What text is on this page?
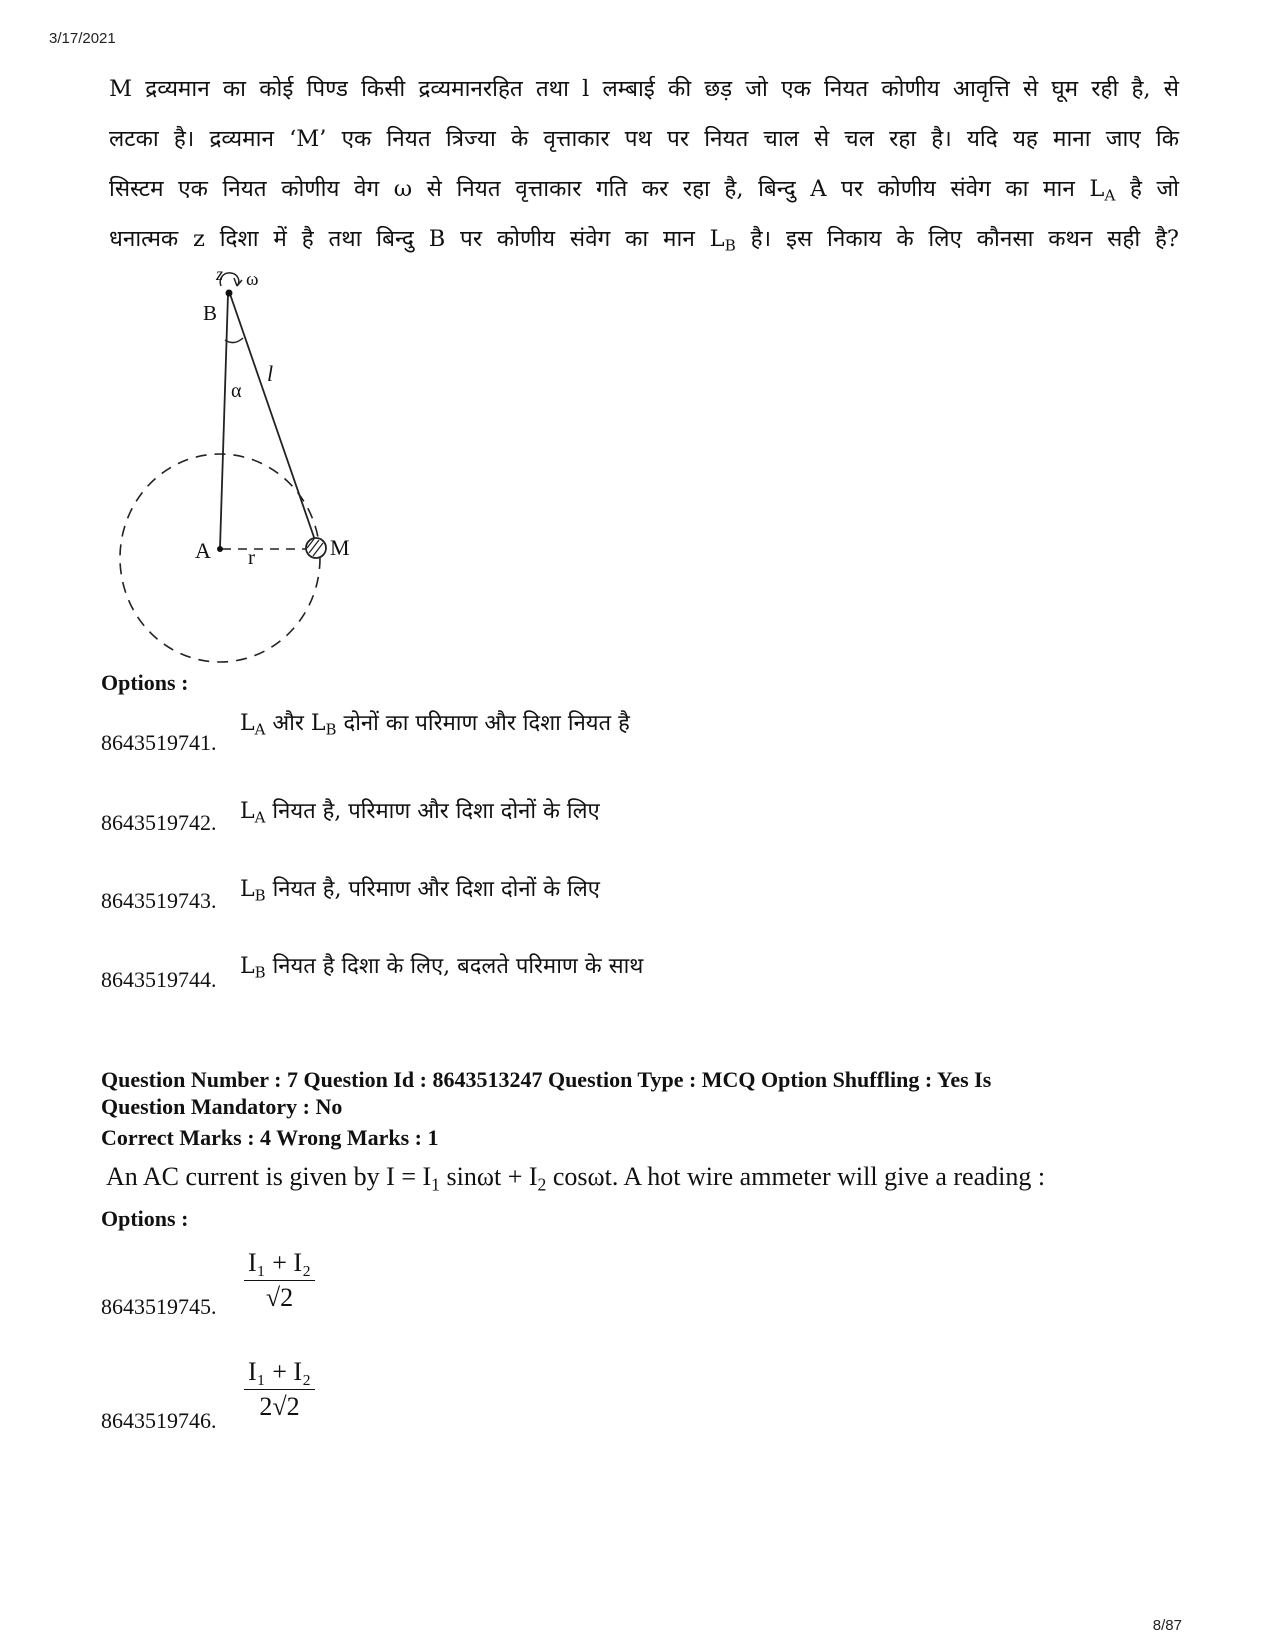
3/17/2021
M द्रव्यमान का कोई पिण्ड किसी द्रव्यमानरहित तथा l लम्बाई की छड़ जो एक नियत कोणीय आवृत्ति से घूम रही है, से
लटका है। द्रव्यमान ‘M’ एक नियत त्रिज्या के वृत्ताकार पथ पर नियत चाल से चल रहा है। यदि यह माना जाए कि
सिस्टम एक नियत कोणीय वेग ω से नियत वृत्ताकार गति कर रहा है, बिन्दु A पर कोणीय संवेग का मान $L_A$ है जो
धनात्मक z दिशा में है तथा बिन्दु B पर कोणीय संवेग का मान $L_B$ है। इस निकाय के लिए कौनसा कथन सही है?
z ω
B
α
l
A r	M
Options :
8643519741.
$L_A$ और $L_B$ दोनों का परिमाण और दिशा नियत है
8643519742. $L_A$ नियत है, परिमाण और दिशा दोनों के लिए
8643519743. $L_B$ नियत है, परिमाण और दिशा दोनों के लिए
8643519744.
$L_B$ नियत है दिशा के लिए, बदलते परिमाण के साथ
Question Number : 7 Question Id : 8643513247 Question Type : MCQ Option Shuffling : Yes Is
Question Mandatory : No
Correct Marks : 4 Wrong Marks : 1
An AC current is given by $I = I_1$ $\sin\omega t + I_2$ cosωt. A hot wire ammeter will give a reading :
Options :
8643519745. $\frac{\text{I₁ + I₂}}{√2}$
8643519746. $\frac{\text{I₁ + I₂}}{2√2}$
8/87
